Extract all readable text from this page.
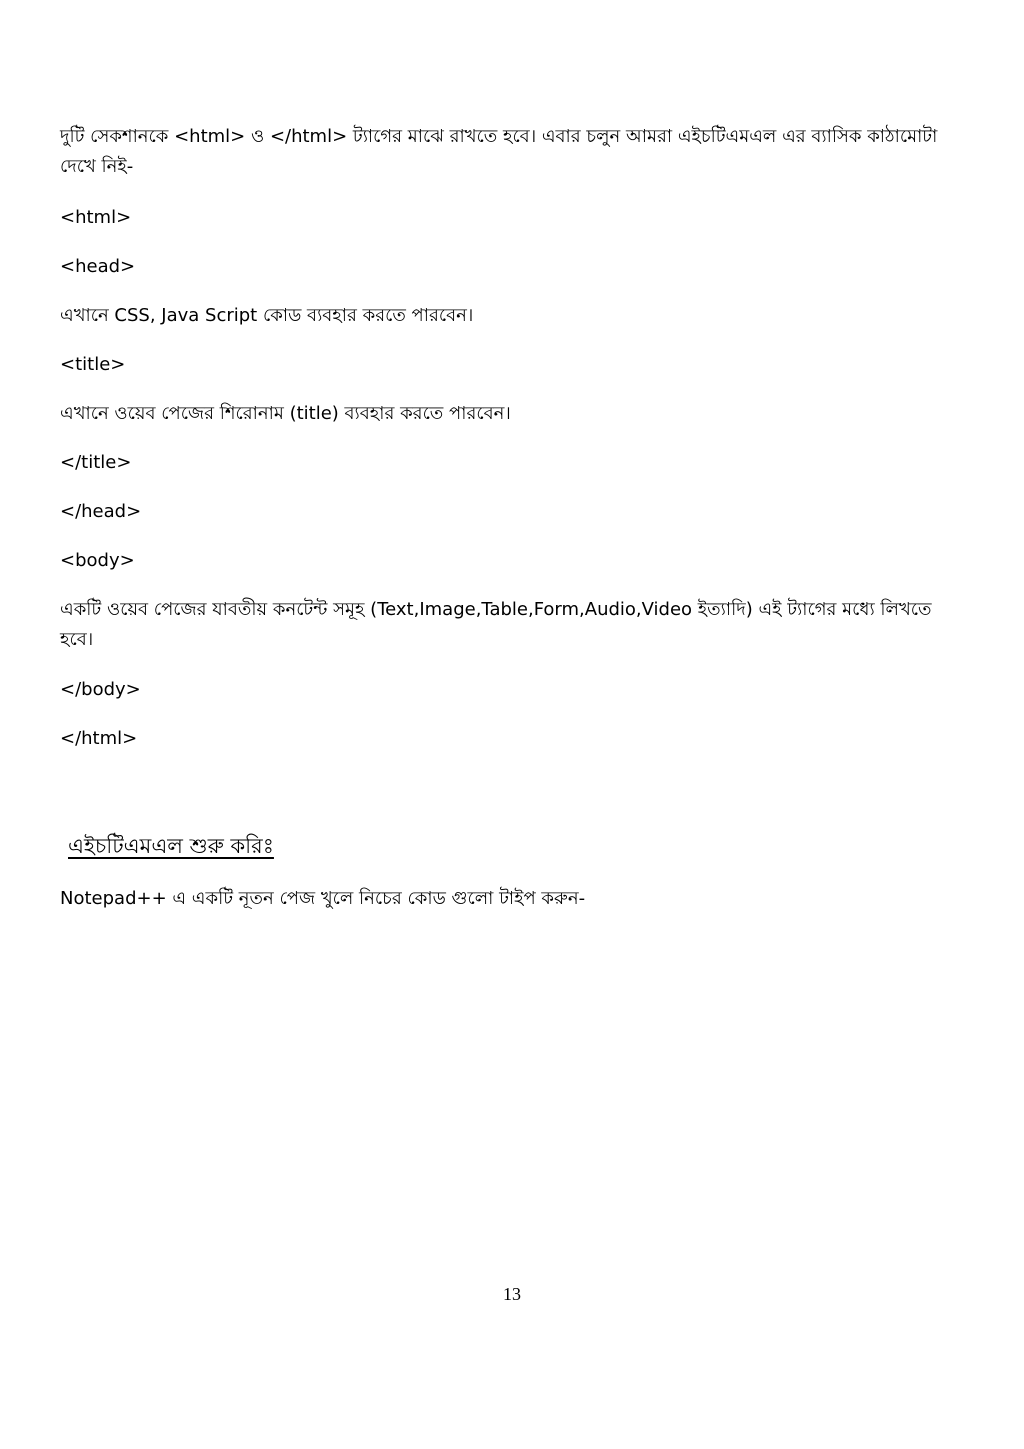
দুটি সেকশানকে <html> ও </html> ট্যাগের মাঝে রাখতে হবে। এবার চলুন আমরা এইচটিএমএল এর ব্যাসিক কাঠামোটা দেখে নিই-
<html>
<head>
এখানে CSS, Java Script কোড ব্যবহার করতে পারবেন।
<title>
এখানে ওয়েব পেজের শিরোনাম (title) ব্যবহার করতে পারবেন।
</title>
</head>
<body>
একটি ওয়েব পেজের যাবতীয় কনটেন্ট সমূহ (Text,Image,Table,Form,Audio,Video ইত্যাদি) এই ট্যাগের মধ্যে লিখতে হবে।
</body>
</html>
এইচটিএমএল শুরু করিঃ
Notepad++ এ একটি নূতন পেজ খুলে নিচের কোড গুলো টাইপ করুন-
13
